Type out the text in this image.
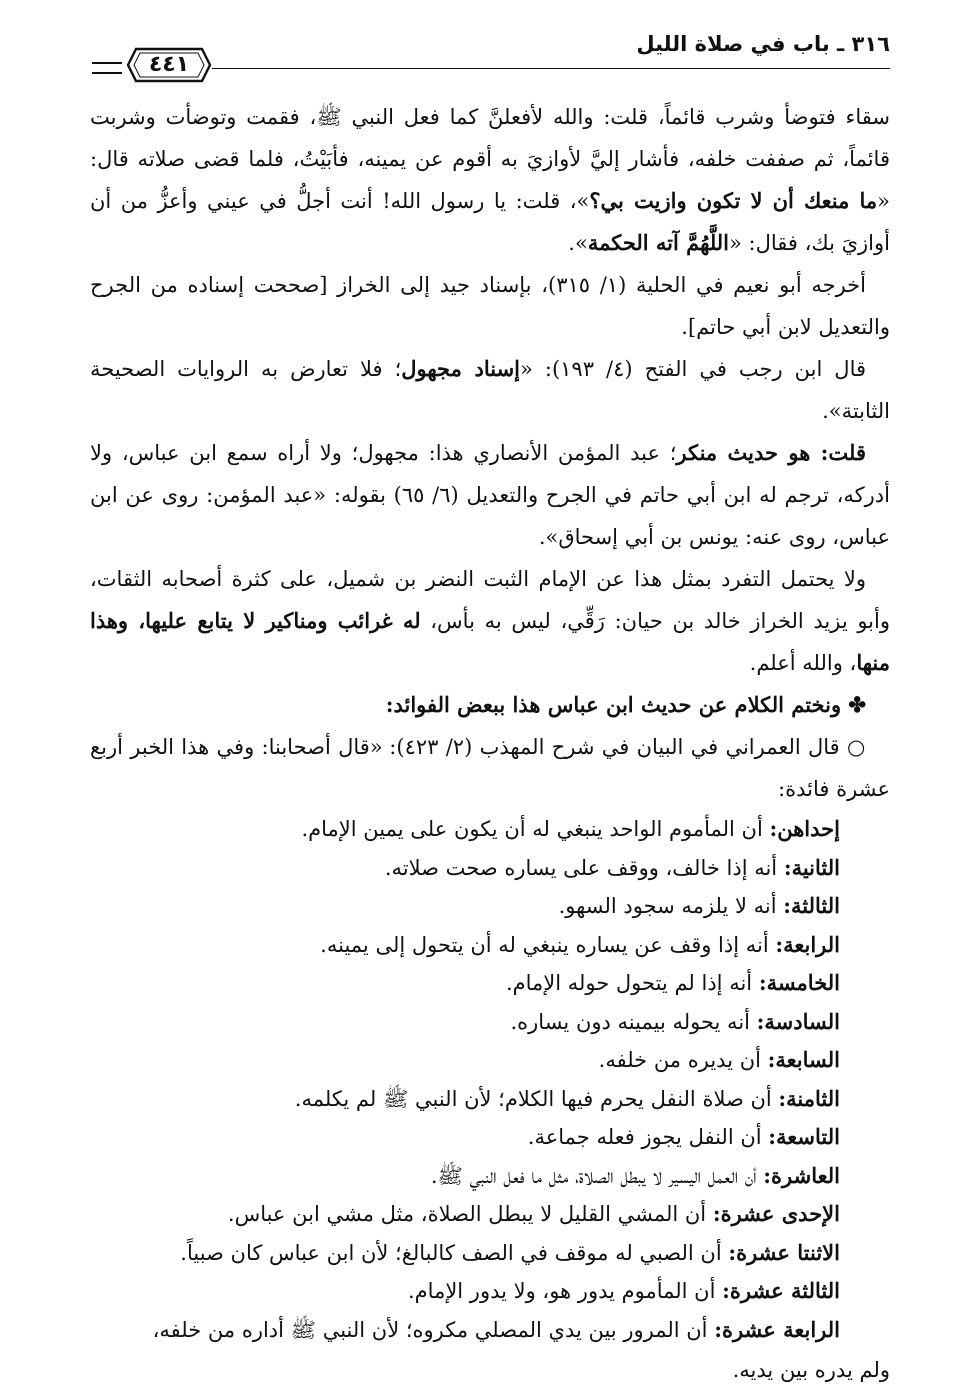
٣١٦ ـ باب في صلاة الليل
٤٤١

سقاء فتوضأ وشرب قائماً، قلت: والله لأفعلنَّ كما فعل النبي ﷺ، فقمت وتوضأت وشربت قائماً، ثم صففت خلفه، فأشار إليَّ لأوازيَ به أقوم عن يمينه، فأبَيْتُ، فلما قضى صلاته قال: «ما منعك أن لا تكون وازيت بي؟»، قلت: يا رسول الله! أنت أجلُّ في عيني وأعزُّ من أن أوازيَ بك، فقال: «اللَّهُمَّ آته الحكمة».

أخرجه أبو نعيم في الحلية (١/ ٣١٥)، بإسناد جيد إلى الخراز [صححت إسناده من الجرح والتعديل لابن أبي حاتم].

قال ابن رجب في الفتح (٤/ ١٩٣): «إسناد مجهول؛ فلا تعارض به الروايات الصحيحة الثابتة».

قلت: هو حديث منكر؛ عبد المؤمن الأنصاري هذا: مجهول؛ ولا أراه سمع ابن عباس، ولا أدركه، ترجم له ابن أبي حاتم في الجرح والتعديل (٦/ ٦٥) بقوله: «عبد المؤمن: روى عن ابن عباس، روى عنه: يونس بن أبي إسحاق».

ولا يحتمل التفرد بمثل هذا عن الإمام الثبت النضر بن شميل، على كثرة أصحابه الثقات، وأبو يزيد الخراز خالد بن حيان: رَقِّي، ليس به بأس، له غرائب ومناكير لا يتابع عليها، وهذا منها، والله أعلم.

✤ ونختم الكلام عن حديث ابن عباس هذا ببعض الفوائد:

○ قال العمراني في البيان في شرح المهذب (٢/ ٤٢٣): «قال أصحابنا: وفي هذا الخبر أربع عشرة فائدة:

إحداهن: أن المأموم الواحد ينبغي له أن يكون على يمين الإمام.
الثانية: أنه إذا خالف، ووقف على يساره صحت صلاته.
الثالثة: أنه لا يلزمه سجود السهو.
الرابعة: أنه إذا وقف عن يساره ينبغي له أن يتحول إلى يمينه.
الخامسة: أنه إذا لم يتحول حوله الإمام.
السادسة: أنه يحوله بيمينه دون يساره.
السابعة: أن يديره من خلفه.
الثامنة: أن صلاة النفل يحرم فيها الكلام؛ لأن النبي ﷺ لم يكلمه.
التاسعة: أن النفل يجوز فعله جماعة.
العاشرة: أن العمل اليسير لا يبطل الصلاة، مثل ما فعل النبي ﷺ.
الإحدى عشرة: أن المشي القليل لا يبطل الصلاة، مثل مشي ابن عباس.
الاثنتا عشرة: أن الصبي له موقف في الصف كالبالغ؛ لأن ابن عباس كان صبياً.
الثالثة عشرة: أن المأموم يدور هو، ولا يدور الإمام.
الرابعة عشرة: أن المرور بين يدي المصلي مكروه؛ لأن النبي ﷺ أداره من خلفه،

ولم يدره بين يديه.
